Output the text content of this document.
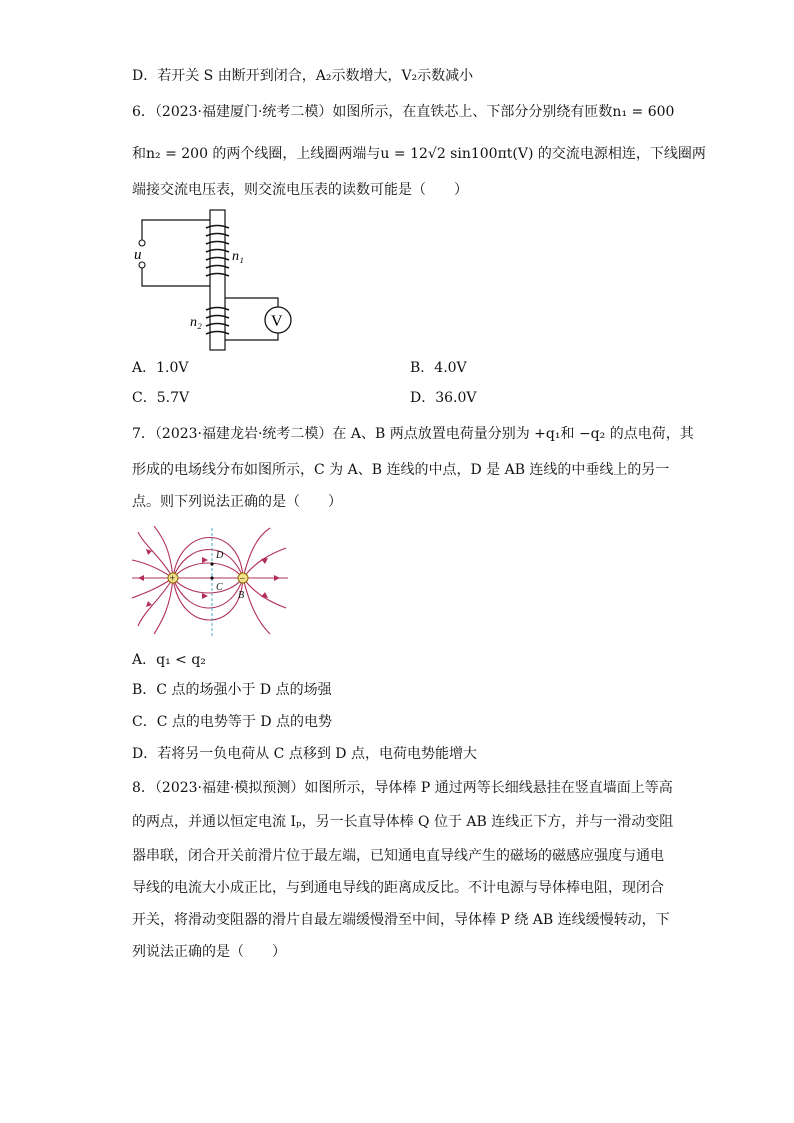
D．若开关 S 由断开到闭合，A₂示数增大，V₂示数减小
6．（2023·福建厦门·统考二模）如图所示，在直铁芯上、下部分分别绕有匝数n₁ = 600
和n₂ = 200 的两个线圈，上线圈两端与u = 12√2 sin100πt(V) 的交流电源相连，下线圈两
端接交流电压表，则交流电压表的读数可能是（　　）
u	n₁
n₂	V
A．1.0V	B．4.0V
C．5.7V	D．36.0V
7．（2023·福建龙岩·统考二模）在 A、B 两点放置电荷量分别为 +q₁和 −q₂ 的点电荷，其
形成的电场线分布如图所示，C 为 A、B 连线的中点，D 是 AB 连线的中垂线上的另一
点。则下列说法正确的是（　　）
+	−
D
C
B
A．q₁ < q₂
B．C 点的场强小于 D 点的场强
C．C 点的电势等于 D 点的电势
D．若将另一负电荷从 C 点移到 D 点，电荷电势能增大
8．（2023·福建·模拟预测）如图所示，导体棒 P 通过两等长细线悬挂在竖直墙面上等高
的两点，并通以恒定电流 Iₚ，另一长直导体棒 Q 位于 AB 连线正下方，并与一滑动变阻
器串联，闭合开关前滑片位于最左端，已知通电直导线产生的磁场的磁感应强度与通电
导线的电流大小成正比，与到通电导线的距离成反比。不计电源与导体棒电阻，现闭合
开关，将滑动变阻器的滑片自最左端缓慢滑至中间，导体棒 P 绕 AB 连线缓慢转动，下
列说法正确的是（　　）
